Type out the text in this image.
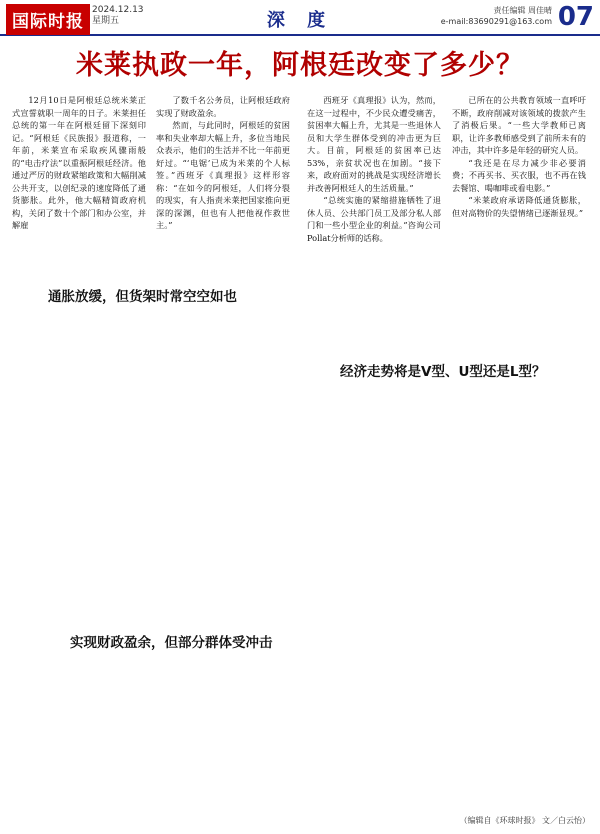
国际时报
2024.12.13
星期五	深 度	责任编辑 周佳晴
e-mail:83690291@163.com 07
米莱执政一年，阿根廷改变了多少？

12月10日是阿根廷总统米莱正式宣誓就职一周年的日子。米莱担任总统的第一年在阿根廷留下深刻印记。“阿根廷《民族报》报道称，一年前，米莱宣布采取疾风骤雨般的“电击疗法”以重振阿根廷经济。他通过严厉的财政紧缩政策和大幅削减公共开支，以创纪录的速度降低了通货膨胀。此外，他大幅精简政府机构，关闭了数十个部门和办公室，并解雇

了数千名公务员，让阿根廷政府实现了财政盈余。

然而，与此同时，阿根廷的贫困率和失业率却大幅上升，多位当地民众表示，他们的生活并不比一年前更好过。“‘电锯’已成为米莱的个人标签。”西班牙《真理报》这样形容称：“在如今的阿根廷，人们将分裂的现实，有人指责米莱把国家推向更深的深渊，但也有人把他视作救世主。”

西班牙《真理报》认为，然而，在这一过程中，不少民众遭受痛苦，贫困率大幅上升，尤其是一些退休人员和大学生群体受到的冲击更为巨大。目前，阿根廷的贫困率已达53%，亲贫状况也在加剧。“接下来，政府面对的挑战是实现经济增长并改善阿根廷人的生活质量。”

“总统实施的紧缩措施牺牲了退休人员、公共部门员工及部分私人部门和一些小型企业的利益。”咨询公司Pollat分析师的话称。

已所在的公共教育领域一直呼吁不断，政府削减对该领域的拨款产生了消极后果。“一些大学教师已离职，让许多教师感受到了前所未有的冲击，其中许多是年轻的研究人员。

“我还是在尽力减少非必要消费；不再买书、买衣服，也不再在钱去餐馆、喝咖啡或看电影。”

“米莱政府承诺降低通货膨胀，但对高物价的失望情绪已逐渐显现。”

通胀放缓，但货架时常空空如也
经济走势将是V型、U型还是L型？
实现财政盈余，但部分群体受冲击
（编辑自《环球时报》 文／白云怡）
